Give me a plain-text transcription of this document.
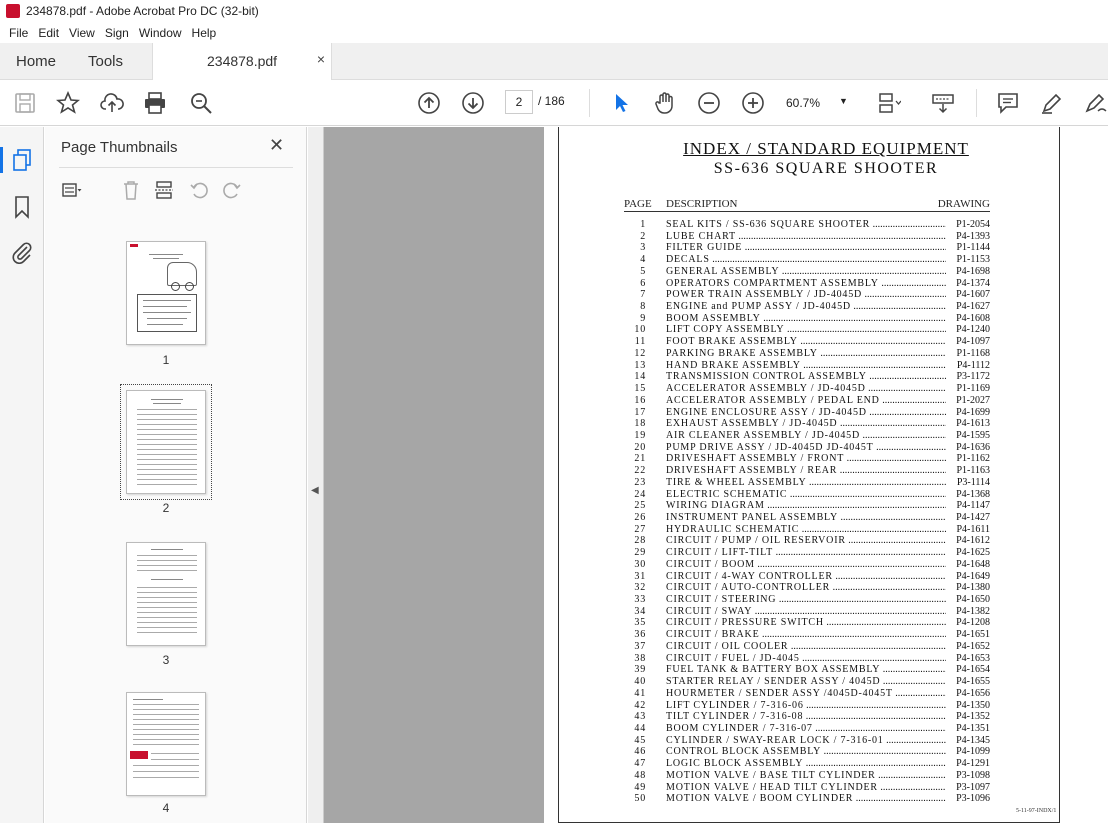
234878.pdf - Adobe Acrobat Pro DC (32-bit)
File Edit View Sign Window Help
Home Tools	234878.pdf	×
2	/ 186	60.7% ▼
Page Thumbnails	✕
1
2
3
4
◀
INDEX / STANDARD EQUIPMENT
SS-636 SQUARE SHOOTER
PAGE DESCRIPTION	DRAWING
1 SEAL KITS / SS-636 SQUARE SHOOTER .....	P1-2054
2 LUBE CHART .....	P4-1393
3 FILTER GUIDE .....	P1-1144
4 DECALS .....	P1-1153
5 GENERAL ASSEMBLY .....	P4-1698
6 OPERATORS COMPARTMENT ASSEMBLY .....	P4-1374
7 POWER TRAIN ASSEMBLY / JD-4045D .....	P4-1607
8 ENGINE and PUMP ASSY / JD-4045D .....	P4-1627
9 BOOM ASSEMBLY .....	P4-1608
10 LIFT COPY ASSEMBLY .....	P4-1240
11 FOOT BRAKE ASSEMBLY .....	P4-1097
12 PARKING BRAKE ASSEMBLY .....	P1-1168
13 HAND BRAKE ASSEMBLY .....	P4-1112
14 TRANSMISSION CONTROL ASSEMBLY .....	P3-1172
15 ACCELERATOR ASSEMBLY / JD-4045D .....	P1-1169
16 ACCELERATOR ASSEMBLY / PEDAL END .....	P1-2027
17 ENGINE ENCLOSURE ASSY / JD-4045D .....	P4-1699
18 EXHAUST ASSEMBLY / JD-4045D .....	P4-1613
19 AIR CLEANER ASSEMBLY / JD-4045D .....	P4-1595
20 PUMP DRIVE ASSY / JD-4045D JD-4045T .....	P4-1636
21 DRIVESHAFT ASSEMBLY / FRONT .....	P1-1162
22 DRIVESHAFT ASSEMBLY / REAR .....	P1-1163
23 TIRE & WHEEL ASSEMBLY .....	P3-1114
24 ELECTRIC SCHEMATIC .....	P4-1368
25 WIRING DIAGRAM .....	P4-1147
26 INSTRUMENT PANEL ASSEMBLY .....	P4-1427
27 HYDRAULIC SCHEMATIC .....	P4-1611
28 CIRCUIT / PUMP / OIL RESERVOIR .....	P4-1612
29 CIRCUIT / LIFT-TILT .....	P4-1625
30 CIRCUIT / BOOM .....	P4-1648
31 CIRCUIT / 4-WAY CONTROLLER .....	P4-1649
32 CIRCUIT / AUTO-CONTROLLER .....	P4-1380
33 CIRCUIT / STEERING .....	P4-1650
34 CIRCUIT / SWAY .....	P4-1382
35 CIRCUIT / PRESSURE SWITCH .....	P4-1208
36 CIRCUIT / BRAKE .....	P4-1651
37 CIRCUIT / OIL COOLER .....	P4-1652
38 CIRCUIT / FUEL / JD-4045 .....	P4-1653
39 FUEL TANK & BATTERY BOX ASSEMBLY .....	P4-1654
40 STARTER RELAY / SENDER ASSY / 4045D .....	P4-1655
41 HOURMETER / SENDER ASSY /4045D-4045T .....	P4-1656
42 LIFT CYLINDER / 7-316-06 .....	P4-1350
43 TILT CYLINDER / 7-316-08 .....	P4-1352
44 BOOM CYLINDER / 7-316-07 .....	P4-1351
45 CYLINDER / SWAY-REAR LOCK / 7-316-01 .....	P4-1345
46 CONTROL BLOCK ASSEMBLY .....	P4-1099
47 LOGIC BLOCK ASSEMBLY .....	P4-1291
48 MOTION VALVE / BASE TILT CYLINDER .....	P3-1098
49 MOTION VALVE / HEAD TILT CYLINDER .....	P3-1097
50 MOTION VALVE / BOOM CYLINDER .....	P3-1096
5-11-97-INDX/1
